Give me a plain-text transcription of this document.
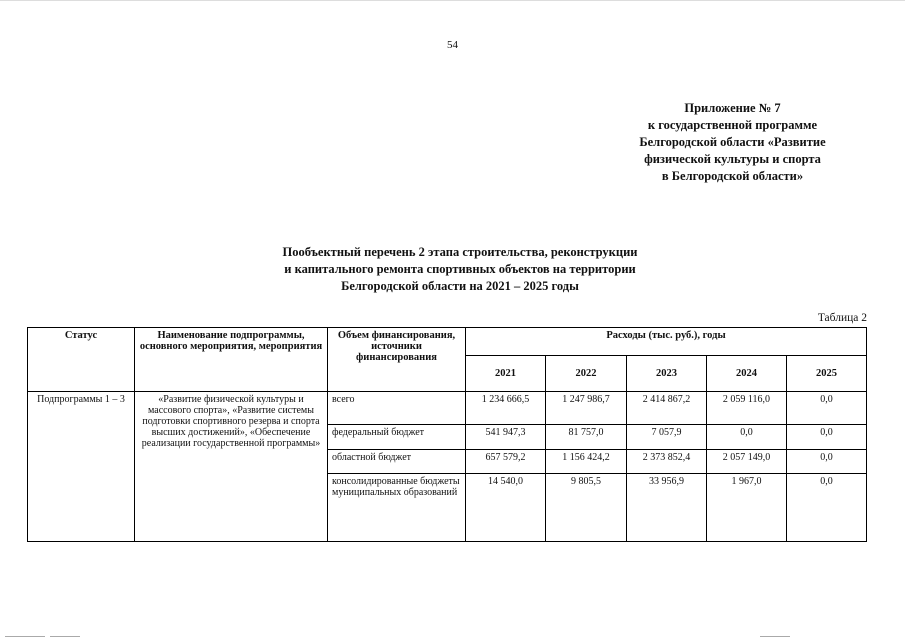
54
Приложение № 7
к государственной программе
Белгородской области «Развитие
физической культуры и спорта
в Белгородской области»
Пообъектный перечень 2 этапа строительства, реконструкции
и капитального ремонта спортивных объектов на территории
Белгородской области на 2021 – 2025 годы
Таблица 2
Статус	Наименование подпрограммы, основного мероприятия, мероприятия	Объем финансирования, источники финансирования	Расходы (тыс. руб.), годы				
			2021	2022	2023	2024	2025
Подпрограммы 1 – 3	«Развитие физической культуры и массового спорта», «Развитие системы подготовки спортивного резерва и спорта высших достижений», «Обеспечение реализации государственной программы»	всего	1 234 666,5	1 247 986,7	2 414 867,2	2 059 116,0	0,0
		федеральный бюджет	541 947,3	81 757,0	7 057,9	0,0	0,0
		областной бюджет	657 579,2	1 156 424,2	2 373 852,4	2 057 149,0	0,0
		консолидированные бюджеты муниципальных образований	14 540,0	9 805,5	33 956,9	1 967,0	0,0
